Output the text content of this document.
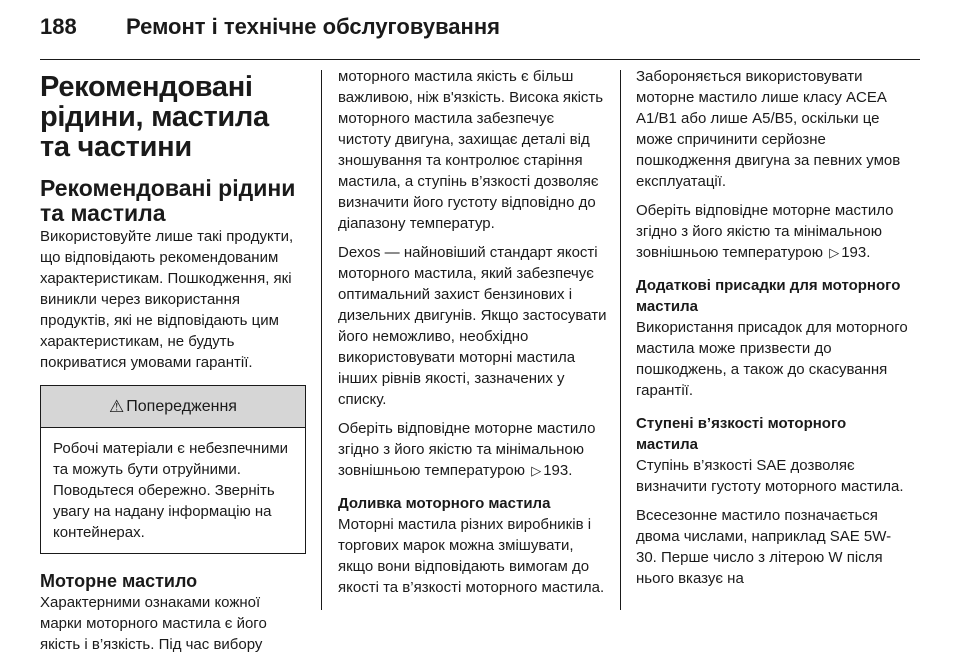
188 Ремонт і технічне обслуговування
Рекомендовані рідини, мастила та частини
Рекомендовані рідини та мастила

Використовуйте лише такі продукти, що відповідають рекомендованим характеристикам. Пошкодження, які виникли через використання продуктів, які не відповідають цим характеристикам, не будуть покриватися умовами гарантії.

⚠ Попередження
Робочі матеріали є небезпечними та можуть бути отруйними. Поводьтеся обережно. Зверніть увагу на надану інформацію на контейнерах.
Моторне мастило

Характерними ознаками кожної марки моторного мастила є його якість і в’язкість. Під час вибору

моторного мастила якість є більш важливою, ніж в'язкість. Висока якість моторного мастила забезпечує чистоту двигуна, захищає деталі від зношування та контролює старіння мастила, а ступінь в’язкості дозволяє визначити його густоту відповідно до діапазону температур.

Dexos — найновіший стандарт якості моторного мастила, який забезпечує оптимальний захист бензинових і дизельних двигунів. Якщо застосувати його неможливо, необхідно використовувати моторні мастила інших рівнів якості, зазначених у списку.

Оберіть відповідне моторне мастило згідно з його якістю та мінімальною зовнішньою температурою ▷ 193.

Доливка моторного мастила

Моторні мастила різних виробників і торгових марок можна змішувати, якщо вони відповідають вимогам до якості та в’язкості моторного мастила.

Забороняється використовувати моторне мастило лише класу ACEA A1/B1 або лише A5/B5, оскільки це може спричинити серйозне пошкодження двигуна за певних умов експлуатації.

Оберіть відповідне моторне мастило згідно з його якістю та мінімальною зовнішньою температурою ▷ 193.

Додаткові присадки для моторного мастила

Використання присадок для моторного мастила може призвести до пошкоджень, а також до скасування гарантії.

Ступені в’язкості моторного мастила

Ступінь в’язкості SAE дозволяє визначити густоту моторного мастила.

Всесезонне мастило позначається двома числами, наприклад SAE 5W-30. Перше число з літерою W після нього вказує на
